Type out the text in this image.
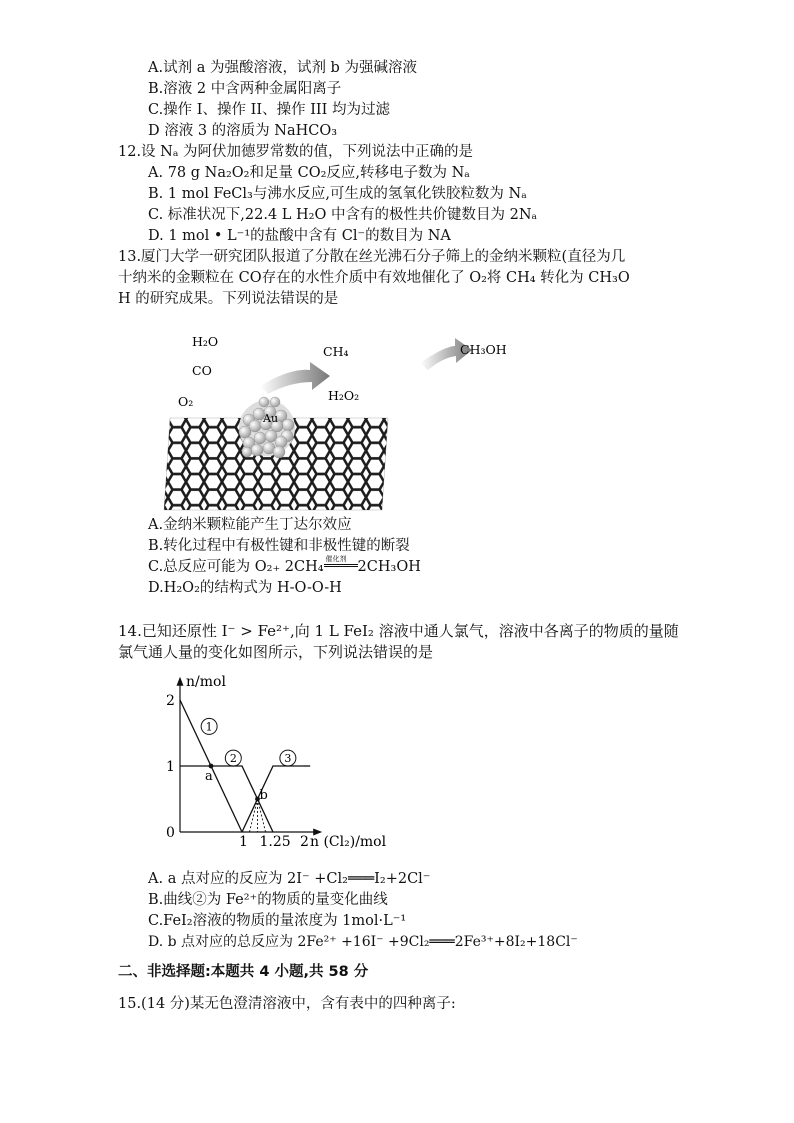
A.试剂 a 为强酸溶液，试剂 b 为强碱溶液
B.溶液 2 中含两种金属阳离子
C.操作 I、操作 II、操作 III 均为过滤
D 溶液 3 的溶质为 NaHCO₃
12.设 Nₐ 为阿伏加德罗常数的值，下列说法中正确的是
A. 78 g Na₂O₂和足量 CO₂反应,转移电子数为 Nₐ
B. 1 mol FeCl₃与沸水反应,可生成的氢氧化铁胶粒数为 Nₐ
C. 标准状况下,22.4 L H₂O 中含有的极性共价键数目为 2Nₐ
D. 1 mol • L⁻¹的盐酸中含有 Cl⁻的数目为 NA
13.厦门大学一研究团队报道了分散在丝光沸石分子筛上的金纳米颗粒(直径为几
十纳米的金颗粒在 CO存在的水性介质中有效地催化了 O₂将 CH₄ 转化为 CH₃O
H 的研究成果。下列说法错误的是
H₂O
CO
O₂
CH₄
H₂O₂
Au
CH₃OH
A.金纳米颗粒能产生丁达尔效应
B.转化过程中有极性键和非极性键的断裂
C.总反应可能为 O₂₊ 2CH₄ 催化剂 2CH₃OH
D.H₂O₂的结构式为 H-O-O-H
14.已知还原性 I⁻ > Fe²⁺,向 1 L FeI₂ 溶液中通人氯气，溶液中各离子的物质的量随
氯气通人量的变化如图所示，下列说法错误的是
n/mol
n (Cl₂)/mol
0
1
2
1 1.25 2
1
2	3
a
b
A. a 点对应的反应为 2I⁻ +Cl₂═══I₂+2Cl⁻
B.曲线②为 Fe²⁺的物质的量变化曲线
C.FeI₂溶液的物质的量浓度为 1mol·L⁻¹
D. b 点对应的总反应为 2Fe²⁺ +16I⁻ +9Cl₂═══2Fe³⁺+8I₂+18Cl⁻
二、非选择题:本题共 4 小题,共 58 分
15.(14 分)某无色澄清溶液中，含有表中的四种离子:
